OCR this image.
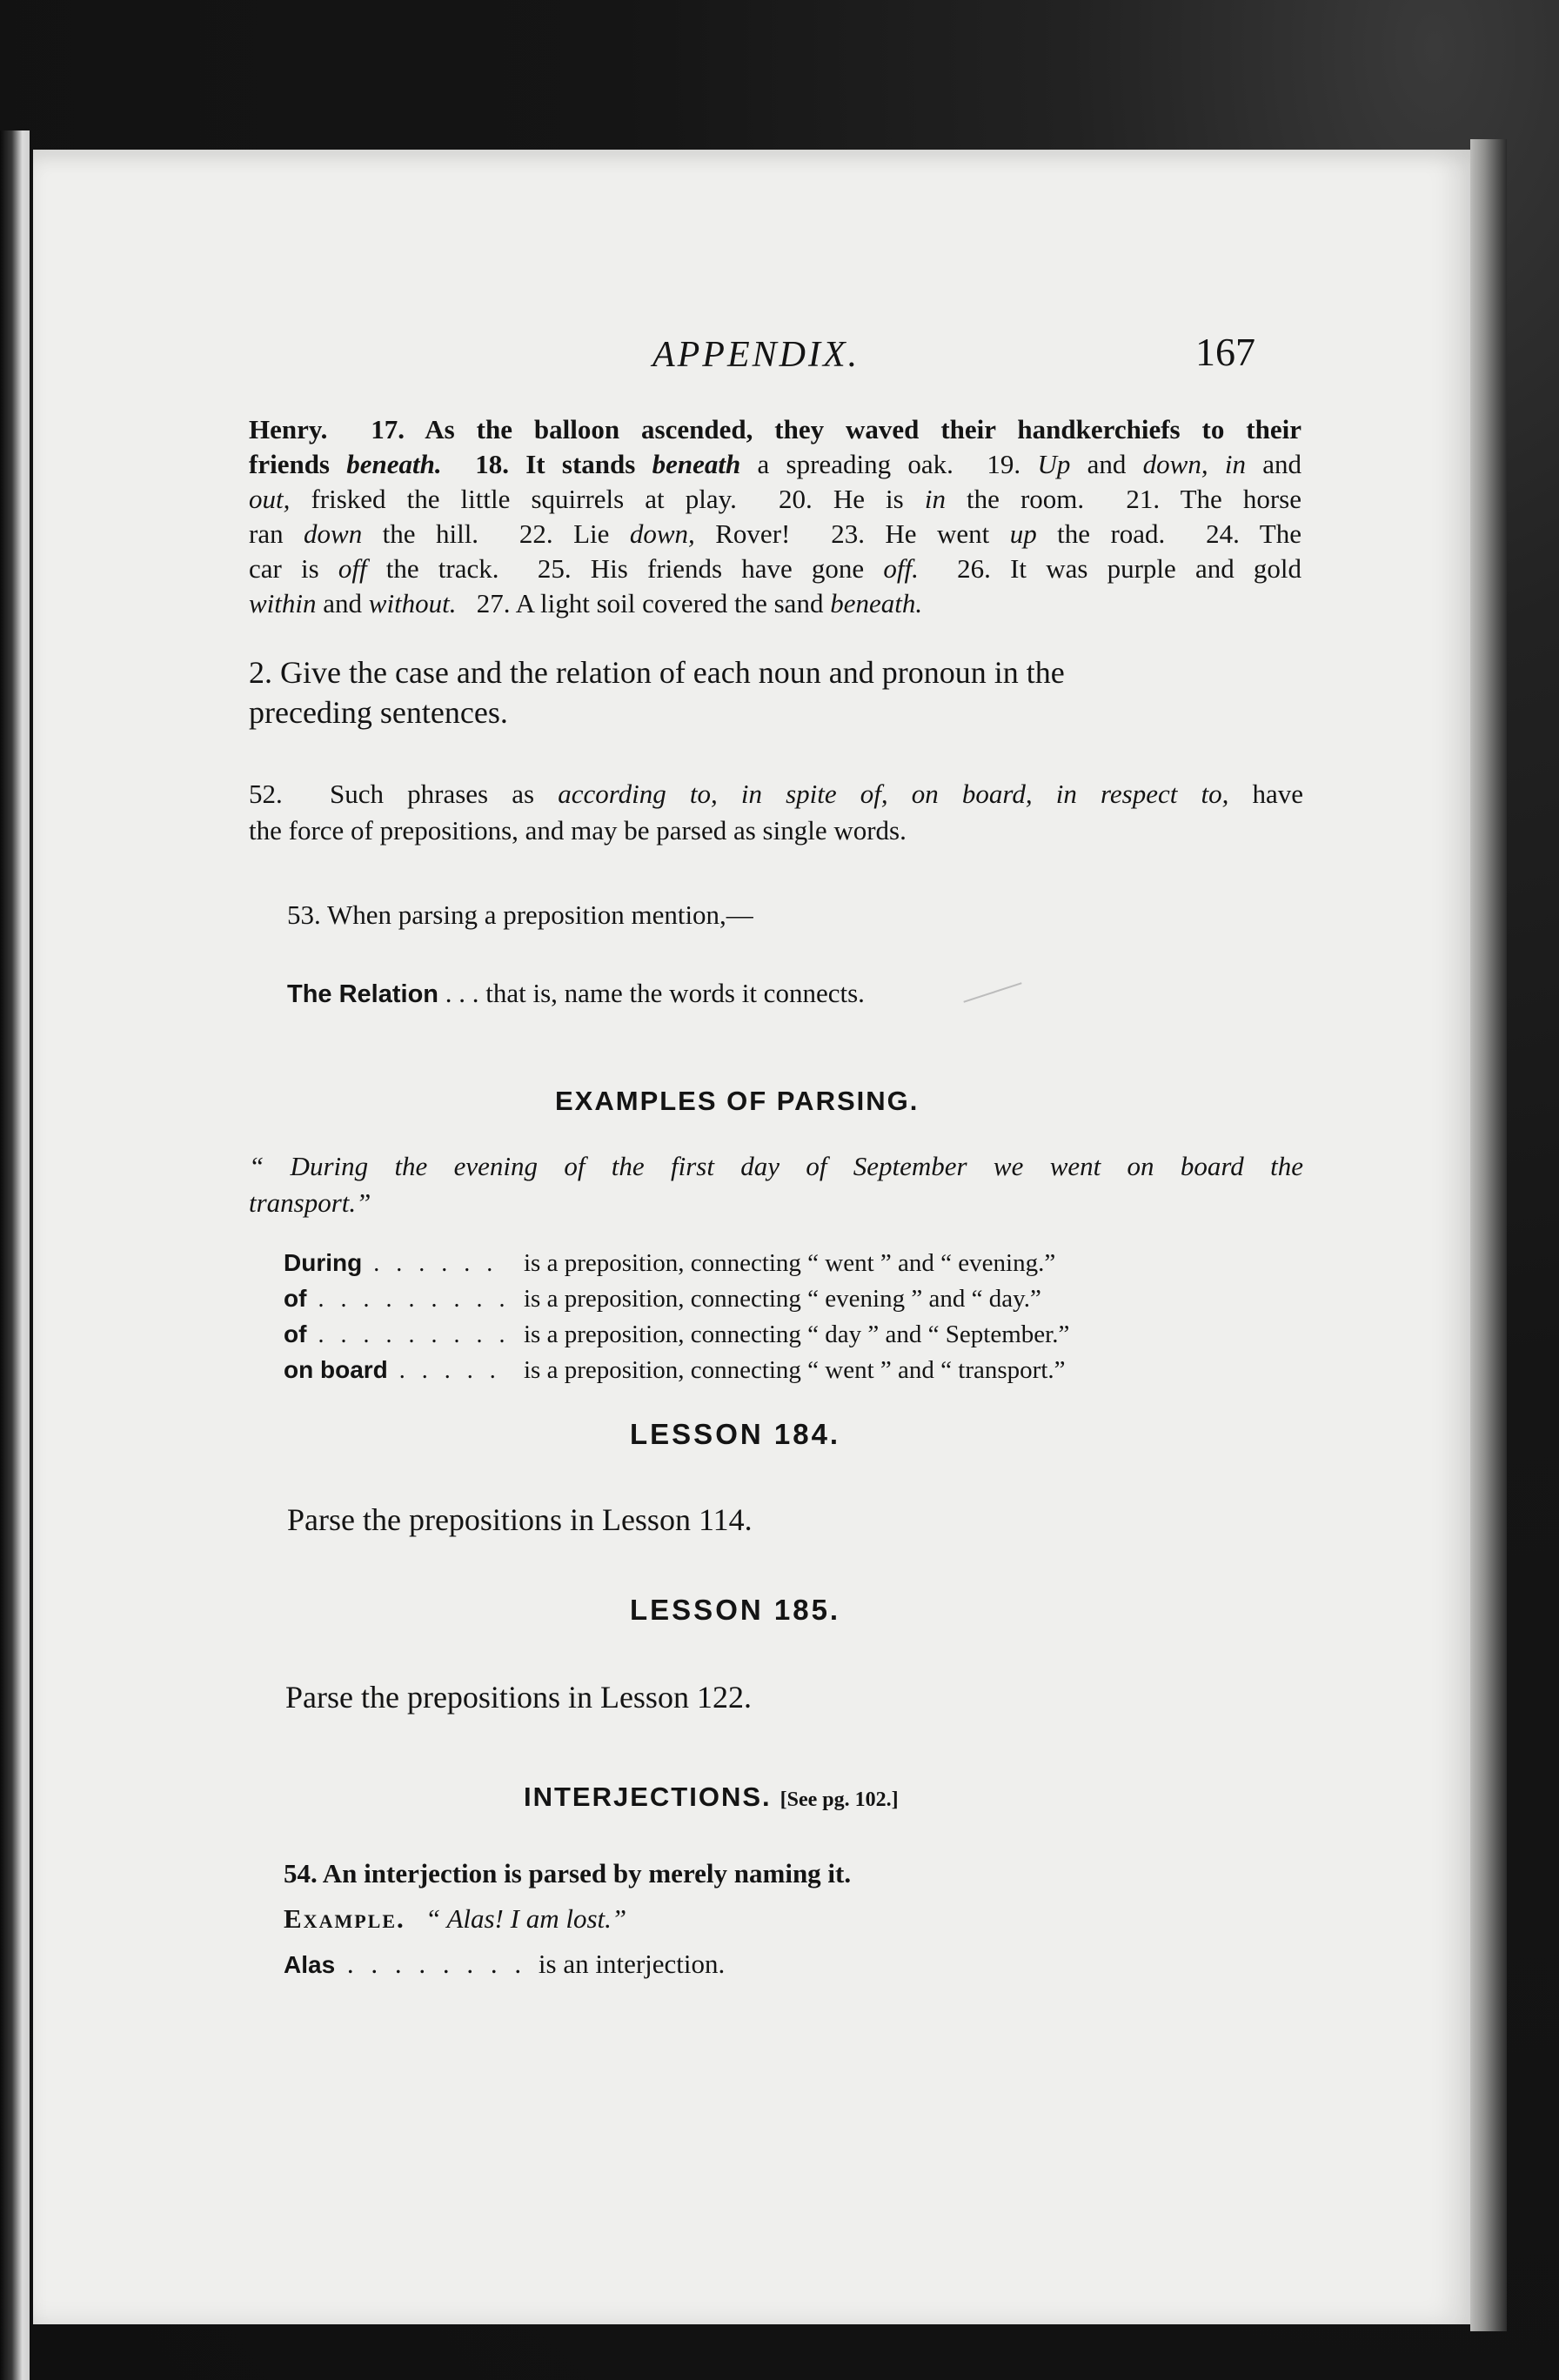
APPENDIX.	167
Henry.  17. As the balloon ascended, they waved their handkerchiefs to their
friends beneath.  18. It stands beneath a spreading oak.  19. Up and down, in and
out, frisked the little squirrels at play.  20. He is in the room.  21. The horse
ran down the hill.  22. Lie down, Rover!  23. He went up the road.  24. The
car is off the track.  25. His friends have gone off.  26. It was purple and gold
within and without.   27. A light soil covered the sand beneath.
2. Give the case and the relation of each noun and pronoun in the
preceding sentences.
52.  Such phrases as according to, in spite of, on board, in respect to, have
the force of prepositions, and may be parsed as single words.
53. When parsing a preposition mention,—
The Relation . . . that is, name the words it connects.
EXAMPLES OF PARSING.
“ During the evening of the first day of September we went on board the
transport.”
During . . . . . .	is a preposition, connecting “ went ” and “ evening.”
of . . . . . . . . . is a preposition, connecting “ evening ” and “ day.”
of . . . . . . . . . is a preposition, connecting “ day ” and “ September.”
on board . . . . . is a preposition, connecting “ went ” and “ transport.”
LESSON 184.
Parse the prepositions in Lesson 114.
LESSON 185.
Parse the prepositions in Lesson 122.
INTERJECTIONS. [See pg. 102.]
54. An interjection is parsed by merely naming it.
Example. “ Alas! I am lost.”
Alas . . . . . . . . is an interjection.
